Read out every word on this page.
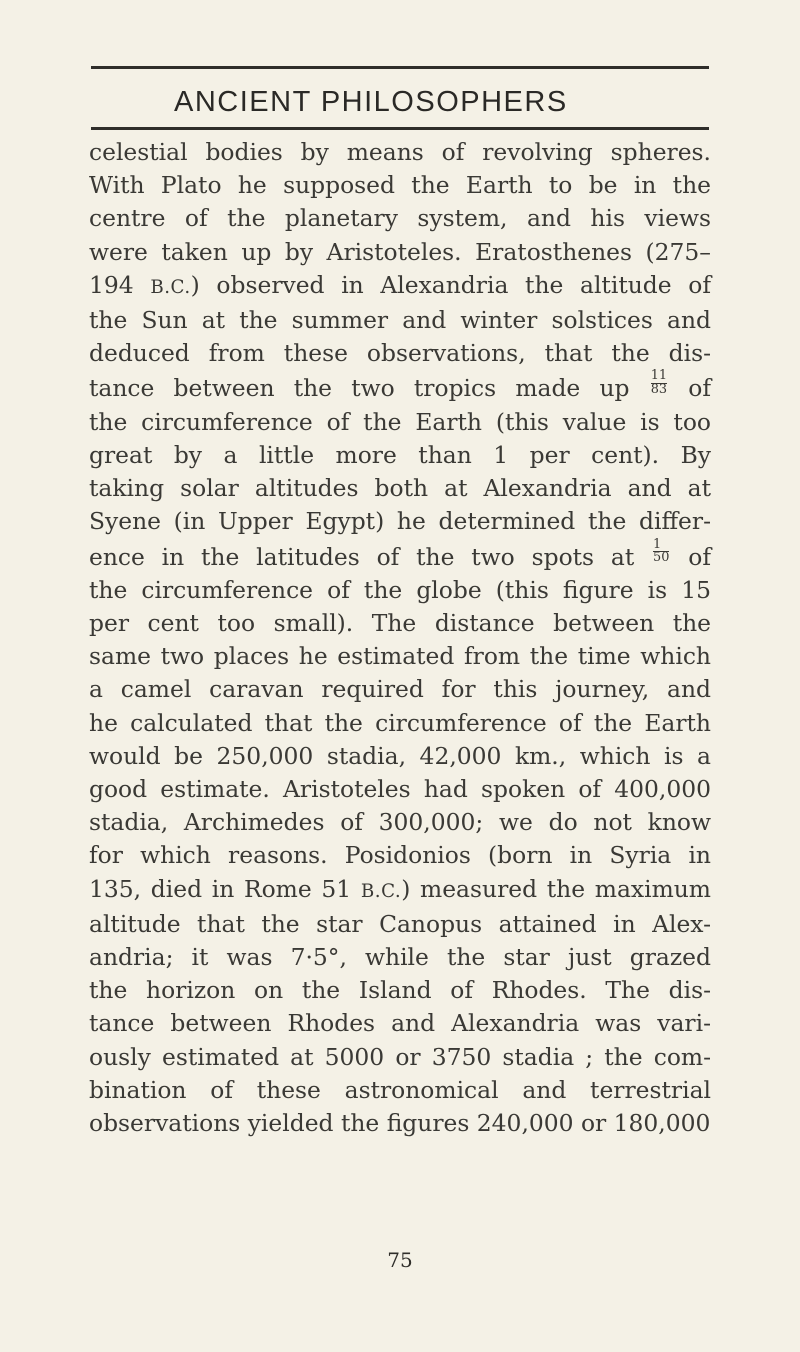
ANCIENT PHILOSOPHERS
celestial bodies by means of revolving spheres.
With Plato he supposed the Earth to be in the
centre of the planetary system, and his views
were taken up by Aristoteles. Eratosthenes (275–
194 B.C.) observed in Alexandria the altitude of
the Sun at the summer and winter solstices and
deduced from these observations, that the dis-
tance between the two tropics made up $\frac{11}{83}$ of
the circumference of the Earth (this value is too
great by a little more than 1 per cent). By
taking solar altitudes both at Alexandria and at
Syene (in Upper Egypt) he determined the differ-
ence in the latitudes of the two spots at $\frac{1}{50}$ of
the circumference of the globe (this figure is 15
per cent too small). The distance between the
same two places he estimated from the time which
a camel caravan required for this journey, and
he calculated that the circumference of the Earth
would be 250,000 stadia, 42,000 km., which is a
good estimate. Aristoteles had spoken of 400,000
stadia, Archimedes of 300,000; we do not know
for which reasons. Posidonios (born in Syria in
135, died in Rome 51 B.C.) measured the maximum
altitude that the star Canopus attained in Alex-
andria; it was 7·5°, while the star just grazed
the horizon on the Island of Rhodes. The dis-
tance between Rhodes and Alexandria was vari-
ously estimated at 5000 or 3750 stadia ; the com-
bination of these astronomical and terrestrial
observations yielded the figures 240,000 or 180,000
75
